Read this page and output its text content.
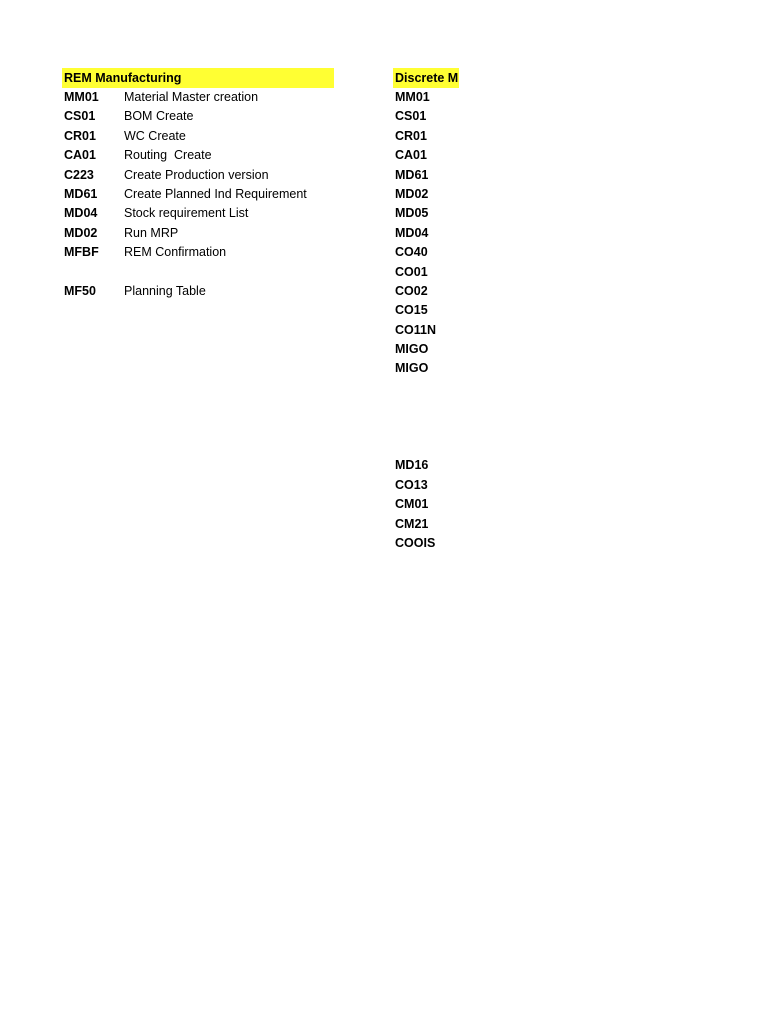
REM Manufacturing
MM01	Material Master creation
CS01	BOM Create
CR01	WC Create
CA01	Routing  Create
C223	Create Production version
MD61	Create Planned Ind Requirement
MD04	Stock requirement List
MD02	Run MRP
MFBF	REM Confirmation
MF50	Planning Table
Discrete M
MM01
CS01
CR01
CA01
MD61
MD02
MD05
MD04
CO40
CO01
CO02
CO15
CO11N
MIGO
MIGO
MD16
CO13
CM01
CM21
COOIS
